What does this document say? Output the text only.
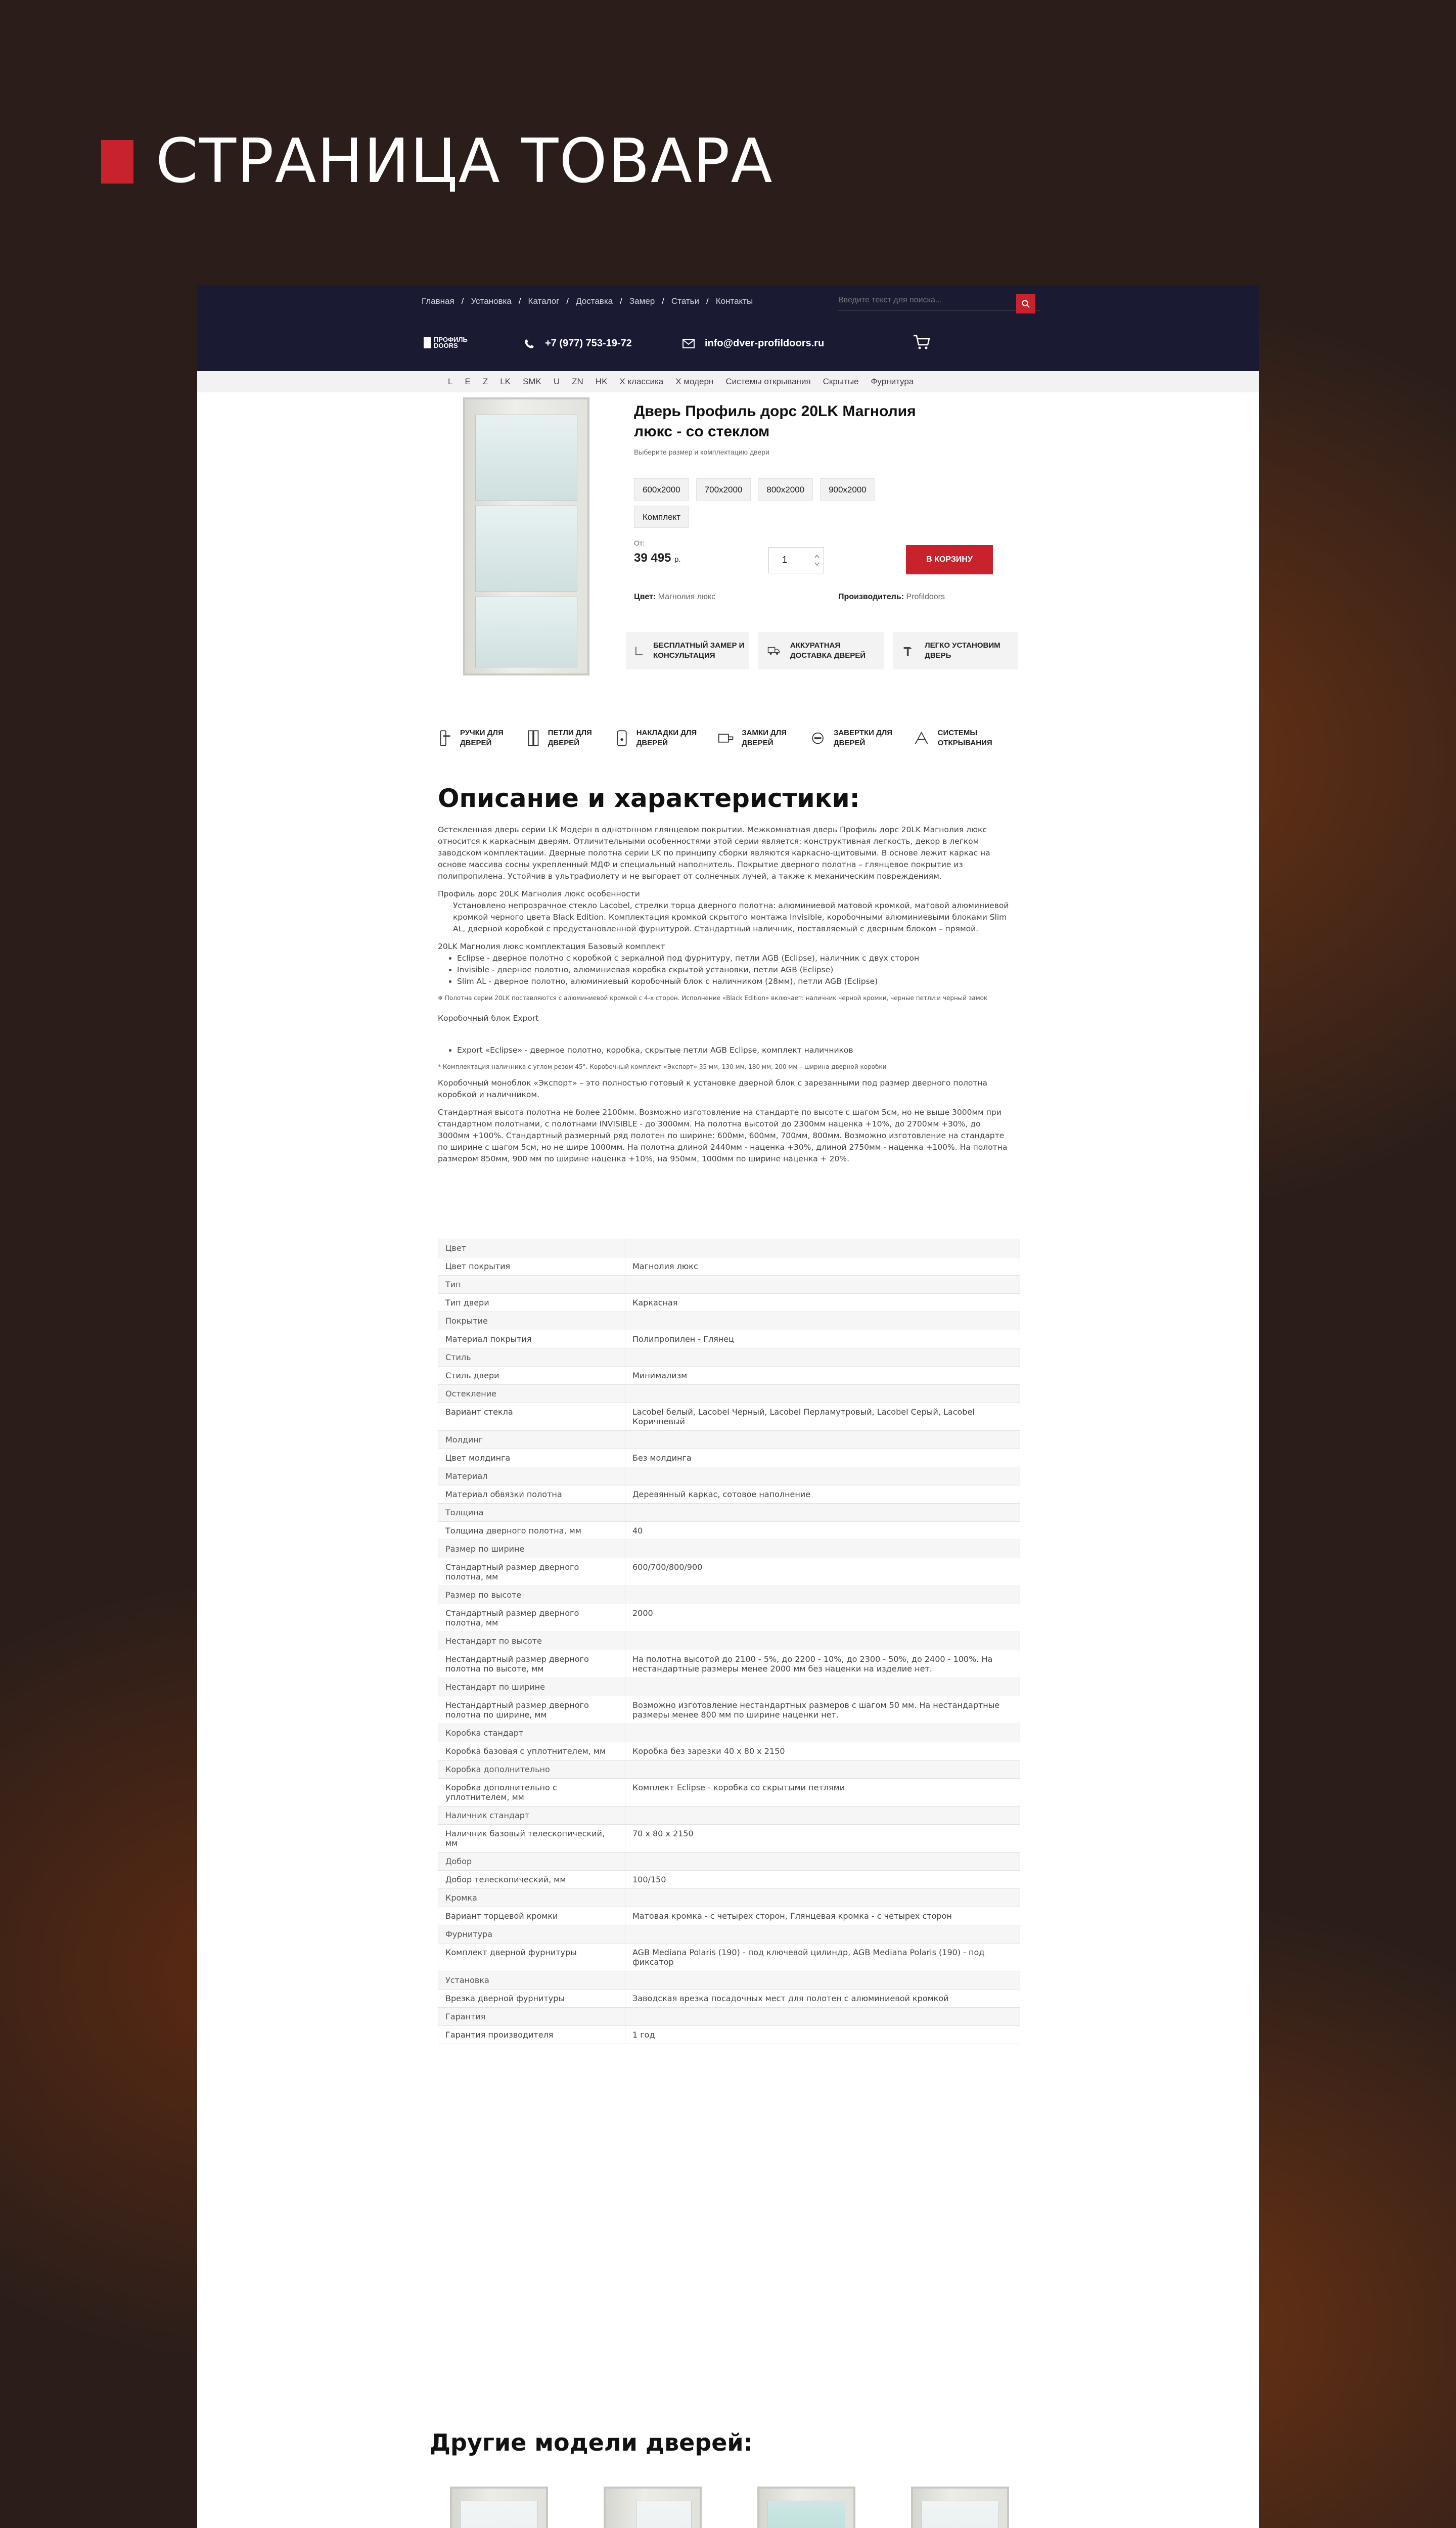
СТРАНИЦА ТОВАРА
Главная / Установка / Каталог / Доставка / Замер / Статьи / Контакты
Введите текст для поиска...
ПРОФИЛЬ
DOORS	+7 (977) 753-19-72	info@dver-profildoors.ru
L E Z LK SMK U ZN HK X классика X модерн Системы открывания Скрытые Фурнитура
Дверь Профиль дорс 20LK Магнолия люкс - со стеклом
Выберите размер и комплектацию двери
600x2000	700x2000	800x2000	900x2000
Комплект
От:
39 495 р.	1	В КОРЗИНУ
Цвет: Магнолия люкс	Производитель: Profildoors
БЕСПЛАТНЫЙ ЗАМЕР И КОНСУЛЬТАЦИЯ
АККУРАТНАЯ ДОСТАВКА ДВЕРЕЙ
ЛЕГКО УСТАНОВИМ ДВЕРЬ
РУЧКИ ДЛЯ ДВЕРЕЙ
ПЕТЛИ ДЛЯ ДВЕРЕЙ
НАКЛАДКИ ДЛЯ ДВЕРЕЙ
ЗАМКИ ДЛЯ ДВЕРЕЙ
ЗАВЕРТКИ ДЛЯ ДВЕРЕЙ
СИСТЕМЫ ОТКРЫВАНИЯ
Описание и характеристики:

Остекленная дверь серии LK Модерн в однотонном глянцевом покрытии. Межкомнатная дверь Профиль дорс 20LK Магнолия люкс относится к каркасным дверям. Отличительными особенностями этой серии является: конструктивная легкость, декор в легком заводском комплектации. Дверные полотна серии LK по принципу сборки являются каркасно-щитовыми. В основе лежит каркас на основе массива сосны укрепленный МДФ и специальный наполнитель. Покрытие дверного полотна – глянцевое покрытие из полипропилена. Устойчив в ультрафиолету и не выгорает от солнечных лучей, а также к механическим повреждениям.

Профиль дорс 20LK Магнолия люкс особенности

Установлено непрозрачное стекло Lacobel, стрелки торца дверного полотна: алюминиевой матовой кромкой, матовой алюминиевой кромкой черного цвета Black Edition. Комплектация кромкой скрытого монтажа Invisible, коробочными алюминиевыми блоками Slim AL, дверной коробкой с предустановленной фурнитурой. Стандартный наличник, поставляемый с дверным блоком – прямой.

20LK Магнолия люкс комплектация Базовый комплект

• Eclipse - дверное полотно с коробкой с зеркалной под фурнитуру, петли AGB (Eclipse), наличник с двух сторон
• Invisible - дверное полотно, алюминиевая коробка скрытой установки, петли AGB (Eclipse)
• Slim AL - дверное полотно, алюминиевый коробочный блок с наличником (28мм), петли AGB (Eclipse)

❄ Полотна серии 20LK поставляются с алюминиевой кромкой с 4-х сторон. Исполнение «Black Edition» включает: наличник черной кромки, черные петли и черный замок

Коробочный блок Export

• Export «Eclipse» - дверное полотно, коробка, скрытые петли AGB Eclipse, комплект наличников

* Комплектация наличника с углом резом 45°. Коробочный комплект «Экспорт» 35 мм, 130 мм, 180 мм, 200 мм – ширина дверной коробки

Коробочный моноблок «Экспорт» – это полностью готовый к установке дверной блок с зарезанными под размер дверного полотна коробкой и наличником.

Стандартная высота полотна не более 2100мм. Возможно изготовление на стандарте по высоте с шагом 5см, но не выше 3000мм при стандартном полотнами, с полотнами INVISIBLE - до 3000мм. На полотна высотой до 2300мм наценка +10%, до 2700мм +30%, до 3000мм +100%. Стандартный размерный ряд полотен по ширине: 600мм, 600мм, 700мм, 800мм. Возможно изготовление на стандарте по ширине с шагом 5см, но не шире 1000мм. На полотна длиной 2440мм - наценка +30%, длиной 2750мм - наценка +100%. На полотна размером 850мм, 900 мм по ширине наценка +10%, на 950мм, 1000мм по ширине наценка + 20%.

Цвет	
Цвет покрытия	Магнолия люкс
Тип	
Тип двери	Каркасная
Покрытие	
Материал покрытия	Полипропилен - Глянец
Стиль	
Стиль двери	Минимализм
Остекление	
Вариант стекла	Lacobel белый, Lacobel Черный, Lacobel Перламутровый, Lacobel Серый, Lacobel Коричневый
Молдинг	
Цвет молдинга	Без молдинга
Материал	
Материал обвязки полотна	Деревянный каркас, сотовое наполнение
Толщина	
Толщина дверного полотна, мм	40
Размер по ширине	
Стандартный размер дверного полотна, мм	600/700/800/900
Размер по высоте	
Стандартный размер дверного полотна, мм	2000
Нестандарт по высоте	
Нестандартный размер дверного полотна по высоте, мм	На полотна высотой до 2100 - 5%, до 2200 - 10%, до 2300 - 50%, до 2400 - 100%. На нестандартные размеры менее 2000 мм без наценки на изделие нет.
Нестандарт по ширине	
Нестандартный размер дверного полотна по ширине, мм	Возможно изготовление нестандартных размеров с шагом 50 мм. На нестандартные размеры менее 800 мм по ширине наценки нет.
Коробка стандарт	
Коробка базовая с уплотнителем, мм	Коробка без зарезки 40 х 80 х 2150
Коробка дополнительно	
Коробка дополнительно с уплотнителем, мм	Комплект Eclipse - коробка со скрытыми петлями
Наличник стандарт	
Наличник базовый телескопический, мм	70 х 80 х 2150
Добор	
Добор телескопический, мм	100/150
Кромка	
Вариант торцевой кромки	Матовая кромка - с четырех сторон, Глянцевая кромка - с четырех сторон
Фурнитура	
Комплект дверной фурнитуры	AGB Mediana Polaris (190) - под ключевой цилиндр, AGB Mediana Polaris (190) - под фиксатор
Установка	
Врезка дверной фурнитуры	Заводская врезка посадочных мест для полотен с алюминиевой кромкой
Гарантия	
Гарантия производителя	1 год
Другие модели дверей:
